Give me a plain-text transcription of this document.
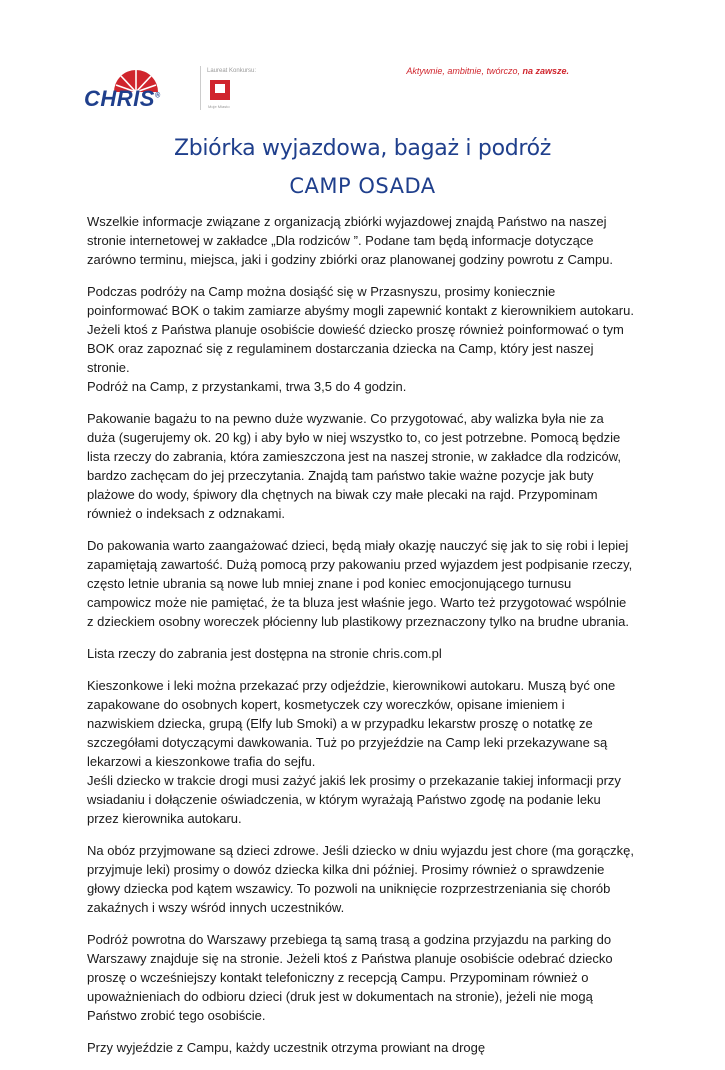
CHRIS®
Laureat Konkursu:
Moje Miasto
Aktywnie, ambitnie, twórczo, na zawsze.
Zbiórka wyjazdowa, bagaż i podróż
CAMP OSADA

Wszelkie informacje związane z organizacją zbiórki wyjazdowej znajdą Państwo na naszej stronie internetowej w zakładce „Dla rodziców ”. Podane tam będą informacje dotyczące zarówno terminu, miejsca, jaki i godziny zbiórki oraz planowanej godziny powrotu z Campu.

Podczas podróży na Camp można dosiąść się w Przasnyszu, prosimy koniecznie poinformować BOK o takim zamiarze abyśmy mogli zapewnić kontakt z kierownikiem autokaru. Jeżeli ktoś z Państwa planuje osobiście dowieść dziecko proszę również poinformować o tym BOK oraz zapoznać się z regulaminem dostarczania dziecka na Camp, który jest naszej stronie.

Podróż na Camp, z przystankami, trwa 3,5 do 4 godzin.

Pakowanie bagażu to na pewno duże wyzwanie. Co przygotować, aby walizka była nie za duża (sugerujemy ok. 20 kg) i aby było w niej wszystko to, co jest potrzebne. Pomocą będzie lista rzeczy do zabrania, która zamieszczona jest na naszej stronie, w zakładce dla rodziców, bardzo zachęcam do jej przeczytania. Znajdą tam państwo takie ważne pozycje jak buty plażowe do wody, śpiwory dla chętnych na biwak czy małe plecaki na rajd. Przypominam również o indeksach z odznakami.

Do pakowania warto zaangażować dzieci, będą miały okazję nauczyć się jak to się robi i lepiej zapamiętają zawartość. Dużą pomocą przy pakowaniu przed wyjazdem jest podpisanie rzeczy, często letnie ubrania są nowe lub mniej znane i pod koniec emocjonującego turnusu campowicz może nie pamiętać, że ta bluza jest właśnie jego. Warto też przygotować wspólnie z dzieckiem osobny woreczek płócienny lub plastikowy przeznaczony tylko na brudne ubrania.

Lista rzeczy do zabrania jest dostępna na stronie chris.com.pl

Kieszonkowe i leki można przekazać przy odjeździe, kierownikowi autokaru. Muszą być one zapakowane do osobnych kopert, kosmetyczek czy woreczków, opisane imieniem i nazwiskiem dziecka, grupą (Elfy lub Smoki) a w przypadku lekarstw proszę o notatkę ze szczegółami dotyczącymi dawkowania. Tuż po przyjeździe na Camp leki przekazywane są lekarzowi a kieszonkowe trafia do sejfu.

Jeśli dziecko w trakcie drogi musi zażyć jakiś lek prosimy o przekazanie takiej informacji przy wsiadaniu i dołączenie oświadczenia, w którym wyrażają Państwo zgodę na podanie leku przez kierownika autokaru.

Na obóz przyjmowane są dzieci zdrowe. Jeśli dziecko w dniu wyjazdu jest chore (ma gorączkę, przyjmuje leki) prosimy o dowóz dziecka kilka dni później. Prosimy również o sprawdzenie głowy dziecka pod kątem wszawicy. To pozwoli na uniknięcie rozprzestrzeniania się chorób zakaźnych i wszy wśród innych uczestników.

Podróż powrotna do Warszawy przebiega tą samą trasą a godzina przyjazdu na parking do Warszawy znajduje się na stronie. Jeżeli ktoś z Państwa planuje osobiście odebrać dziecko proszę o wcześniejszy kontakt telefoniczny z recepcją Campu. Przypominam również o upoważnieniach do odbioru dzieci (druk jest w dokumentach na stronie), jeżeli nie mogą Państwo zrobić tego osobiście.

Przy wyjeździe z Campu, każdy uczestnik otrzyma prowiant na drogę
